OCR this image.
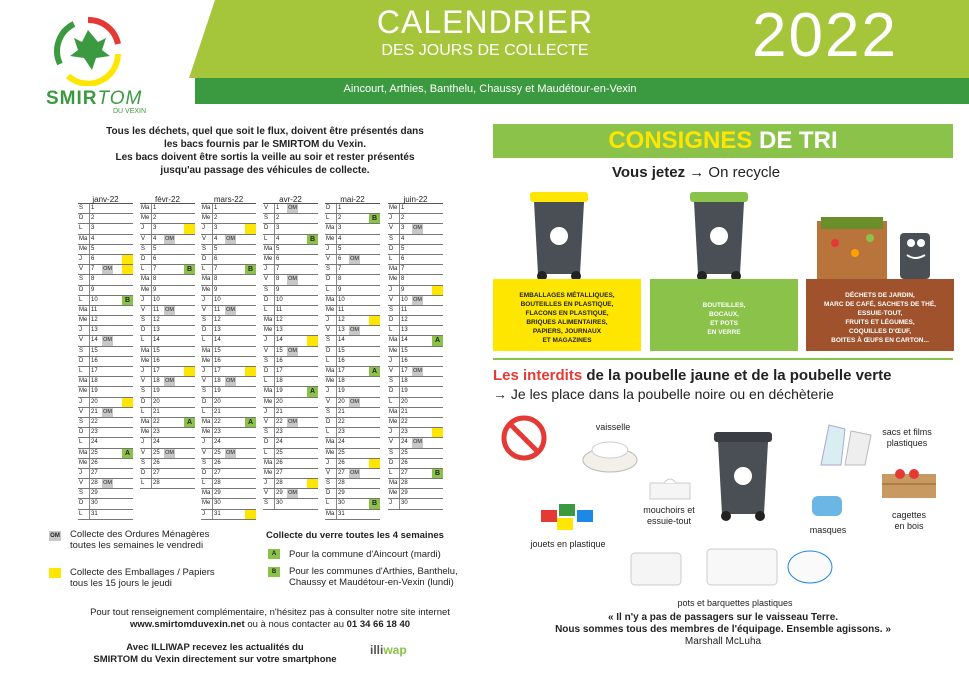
CALENDRIER
DES JOURS DE COLLECTE	2022
Aincourt, Arthies, Banthelu, Chaussy et Maudétour-en-Vexin
SMIRTOM
DU VEXIN
Tous les déchets, quel que soit le flux, doivent être présentés dans
les bacs fournis par le SMIRTOM du Vexin.
Les bacs doivent être sortis la veille au soir et rester présentés
jusqu'au passage des véhicules de collecte.
janv-22
S	1
D	2
L	3
Ma 4
Me 5
J	6
V	7	OM
S	8
D	9
L	10	B
Ma 11
Me 12
J	13
V	14 OM
S	15
D	16
L	17
Ma 18
Me 19
J	20
V	21 OM
S	22
D	23
L	24
Ma 25	A
Me 26
J	27
V	28 OM
S	29
D	30
L	31
févr-22
Ma 1
Me 2
J	3
V	4	OM
S	5
D	6
L	7	B
Ma 8
Me 9
J	10
V	11	OM
S	12
D	13
L	14
Ma 15
Me 16
J	17
V	18 OM
S	19
D	20
L	21
Ma 22	A
Me 23
J	24
V	25 OM
S	26
D	27
L	28
mars-22
Ma 1
Me 2
J	3
V	4	OM
S	5
D	6
L	7	B
Ma 8
Me 9
J	10
V	11	OM
S	12
D	13
L	14
Ma 15
Me 16
J	17
V	18 OM
S	19
D	20
L	21
Ma 22	A
Me 23
J	24
V	25 OM
S	26
D	27
L	28
Ma 29
Me 30
J	31
avr-22
V	1	OM
S	2
D	3
L	4	B
Ma 5
Me 6
J	7
V	8	OM
S	9
D	10
L	11
Ma 12
Me 13
J	14
V	15 OM
S	16
D	17
L	18
Ma 19	A
Me 20
J	21
V	22 OM
S	23
D	24
L	25
Ma 26
Me 27
J	28
V	29 OM
S	30
mai-22
D	1
L	2	B
Ma 3
Me 4
J	5
V	6	OM
S	7
D	8
L	9
Ma 10
Me 11
J	12
V	13 OM
S	14
D	15
L	16
Ma 17	A
Me 18
J	19
V	20 OM
S	21
D	22
L	23
Ma 24
Me 25
J	26
V	27 OM
S	28
D	29
L	30	B
Ma 31
juin-22
Me 1
J	2
V	3	OM
S	4
D	5
L	6
Ma 7
Me 8
J	9
V	10 OM
S	11
D	12
L	13
Ma 14	A
Me 15
J	16
V	17 OM
S	18
D	19
L	20
Ma 21
Me 22
J	23
V	24 OM
S	25
D	26
L	27	B
Ma 28
Me 29
J	30
OM Collecte des Ordures Ménagères
toutes les semaines le vendredi
Collecte des Emballages / Papiers
tous les 15 jours le jeudi
Collecte du verre toutes les 4 semaines
A	Pour la commune d'Aincourt (mardi)
B	Pour les communes d'Arthies, Banthelu,
Chaussy et Maudétour-en-Vexin (lundi)
Pour tout renseignement complémentaire, n'hésitez pas à consulter notre site internet
www.smirtomduvexin.net ou à nous contacter au 01 34 66 18 40
Avec ILLIWAP recevez les actualités du
SMIRTOM du Vexin directement sur votre smartphone
illiwap
CONSIGNES DE TRI
Vous jetez → On recycle
EMBALLAGES MÉTALLIQUES,
BOUTEILLES EN PLASTIQUE,
FLACONS EN PLASTIQUE,
BRIQUES ALIMENTAIRES,
PAPIERS, JOURNAUX
ET MAGAZINES
BOUTEILLES,
BOCAUX,
ET POTS
EN VERRE
DÉCHETS DE JARDIN,
MARC DE CAFÉ, SACHETS DE THÉ,
ESSUIE-TOUT,
FRUITS ET LÉGUMES,
COQUILLES D'ŒUF,
BOITES À ŒUFS EN CARTON...
Les interdits de la poubelle jaune et de la poubelle verte
→ Je les place dans la poubelle noire ou en déchèterie
vaisselle	sacs et films
plastiques
mouchoirs et
essuie-tout
masques
cagettes
en bois
jouets en plastique
pots et barquettes plastiques
« Il n'y a pas de passagers sur le vaisseau Terre.
Nous sommes tous des membres de l'équipage. Ensemble agissons. »
Marshall McLuha
